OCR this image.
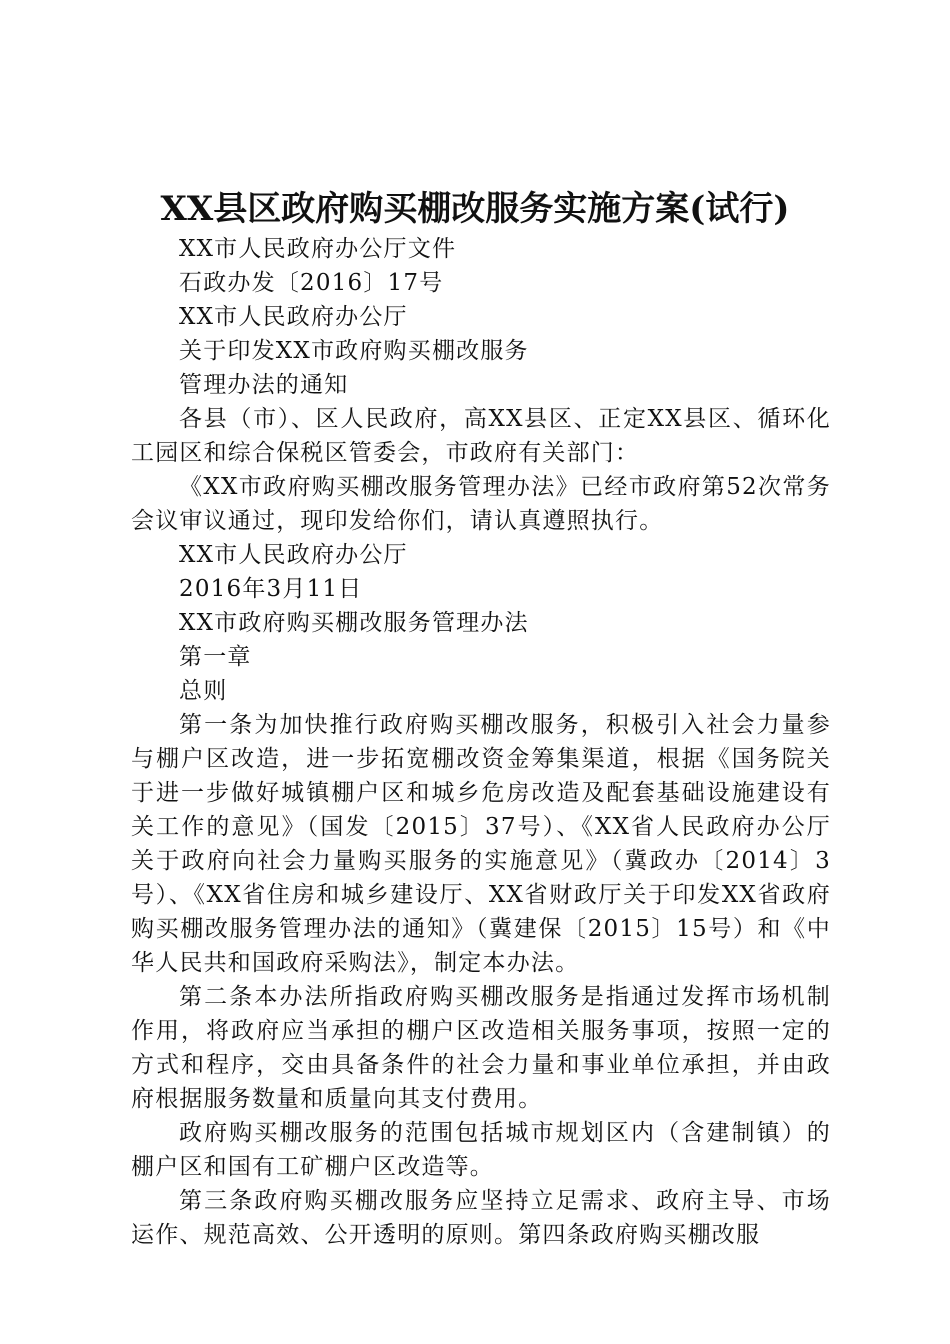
XX县区政府购买棚改服务实施方案(试行)

XX市人民政府办公厅文件

石政办发〔2016〕17号

XX市人民政府办公厅

关于印发XX市政府购买棚改服务

管理办法的通知

各县（市）、区人民政府，高XX县区、正定XX县区、循环化工园区和综合保税区管委会，市政府有关部门：

《XX市政府购买棚改服务管理办法》已经市政府第52次常务会议审议通过，现印发给你们，请认真遵照执行。

XX市人民政府办公厅

2016年3月11日

XX市政府购买棚改服务管理办法

第一章

总则

第一条为加快推行政府购买棚改服务，积极引入社会力量参与棚户区改造，进一步拓宽棚改资金筹集渠道，根据《国务院关于进一步做好城镇棚户区和城乡危房改造及配套基础设施建设有关工作的意见》（国发〔2015〕37号）、《XX省人民政府办公厅关于政府向社会力量购买服务的实施意见》（冀政办〔2014〕3号）、《XX省住房和城乡建设厅、XX省财政厅关于印发XX省政府购买棚改服务管理办法的通知》（冀建保〔2015〕15号）和《中华人民共和国政府采购法》，制定本办法。

第二条本办法所指政府购买棚改服务是指通过发挥市场机制作用，将政府应当承担的棚户区改造相关服务事项，按照一定的方式和程序，交由具备条件的社会力量和事业单位承担，并由政府根据服务数量和质量向其支付费用。

政府购买棚改服务的范围包括城市规划区内（含建制镇）的棚户区和国有工矿棚户区改造等。

第三条政府购买棚改服务应坚持立足需求、政府主导、市场运作、规范高效、公开透明的原则。第四条政府购买棚改服
